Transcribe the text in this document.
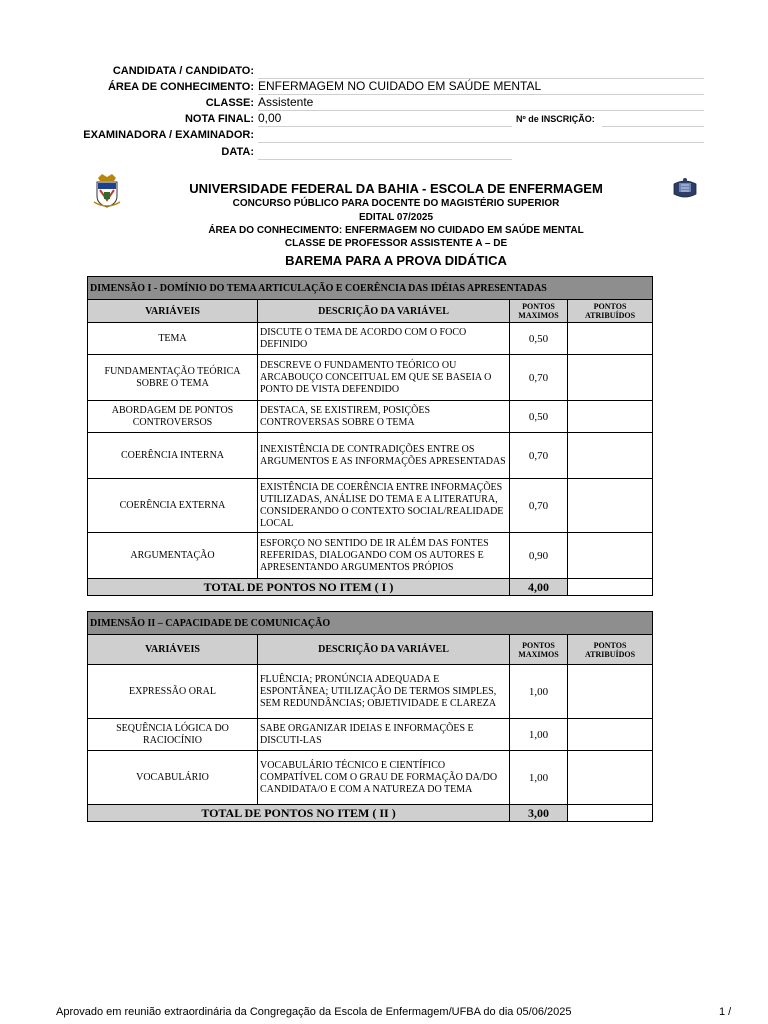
CANDIDATA / CANDIDATO:
ÁREA DE CONHECIMENTO: ENFERMAGEM NO CUIDADO EM SAÚDE MENTAL
CLASSE: Assistente
NOTA FINAL: 0,00	Nº de INSCRIÇÃO:
EXAMINADORA / EXAMINADOR:
DATA:
UNIVERSIDADE FEDERAL DA BAHIA - ESCOLA DE ENFERMAGEM
CONCURSO PÚBLICO PARA DOCENTE DO MAGISTÉRIO SUPERIOR
EDITAL 07/2025
ÁREA DO CONHECIMENTO: ENFERMAGEM NO CUIDADO EM SAÚDE MENTAL
CLASSE DE PROFESSOR ASSISTENTE A – DE
BAREMA PARA A PROVA DIDÁTICA
DIMENSÃO I - DOMÍNIO DO TEMA ARTICULAÇÃO E COERÊNCIA DAS IDÉIAS APRESENTADAS			
VARIÁVEIS	DESCRIÇÃO DA VARIÁVEL	PONTOS MAXIMOS	PONTOS ATRIBUÍDOS
TEMA	DISCUTE O TEMA DE ACORDO COM O FOCO DEFINIDO	0,50	
FUNDAMENTAÇÃO TEÓRICA SOBRE O TEMA	DESCREVE O FUNDAMENTO TEÓRICO OU ARCABOUÇO CONCEITUAL EM QUE SE BASEIA O PONTO DE VISTA DEFENDIDO	0,70	
ABORDAGEM DE PONTOS CONTROVERSOS	DESTACA, SE EXISTIREM, POSIÇÕES CONTROVERSAS SOBRE O TEMA	0,50	
COERÊNCIA INTERNA	INEXISTÊNCIA DE CONTRADIÇÕES ENTRE OS ARGUMENTOS E AS INFORMAÇÕES APRESENTADAS	0,70	
COERÊNCIA EXTERNA	EXISTÊNCIA DE COERÊNCIA ENTRE INFORMAÇÕES UTILIZADAS, ANÁLISE DO TEMA E A LITERATURA, CONSIDERANDO O CONTEXTO SOCIAL/REALIDADE LOCAL	0,70	
ARGUMENTAÇÃO	ESFORÇO NO SENTIDO DE IR ALÉM DAS FONTES REFERIDAS, DIALOGANDO COM OS AUTORES E APRESENTANDO ARGUMENTOS PRÓPIOS	0,90	
TOTAL DE PONTOS NO ITEM ( I )		4,00	
DIMENSÃO II – CAPACIDADE DE COMUNICAÇÃO			
VARIÁVEIS	DESCRIÇÃO DA VARIÁVEL	PONTOS MAXIMOS	PONTOS ATRIBUÍDOS
EXPRESSÃO ORAL	FLUÊNCIA; PRONÚNCIA ADEQUADA E ESPONTÂNEA; UTILIZAÇÃO DE TERMOS SIMPLES, SEM REDUNDÂNCIAS; OBJETIVIDADE E CLAREZA	1,00	
SEQUÊNCIA LÓGICA DO RACIOCÍNIO	SABE ORGANIZAR IDEIAS E INFORMAÇÕES E DISCUTI-LAS	1,00	
VOCABULÁRIO	VOCABULÁRIO TÉCNICO E CIENTÍFICO COMPATÍVEL COM O GRAU DE FORMAÇÃO DA/DO CANDIDATA/O E COM A NATUREZA DO TEMA	1,00	
TOTAL DE PONTOS NO ITEM ( II )		3,00	
Aprovado em reunião extraordinária da Congregação da Escola de Enfermagem/UFBA do dia 05/06/2025	1 /
